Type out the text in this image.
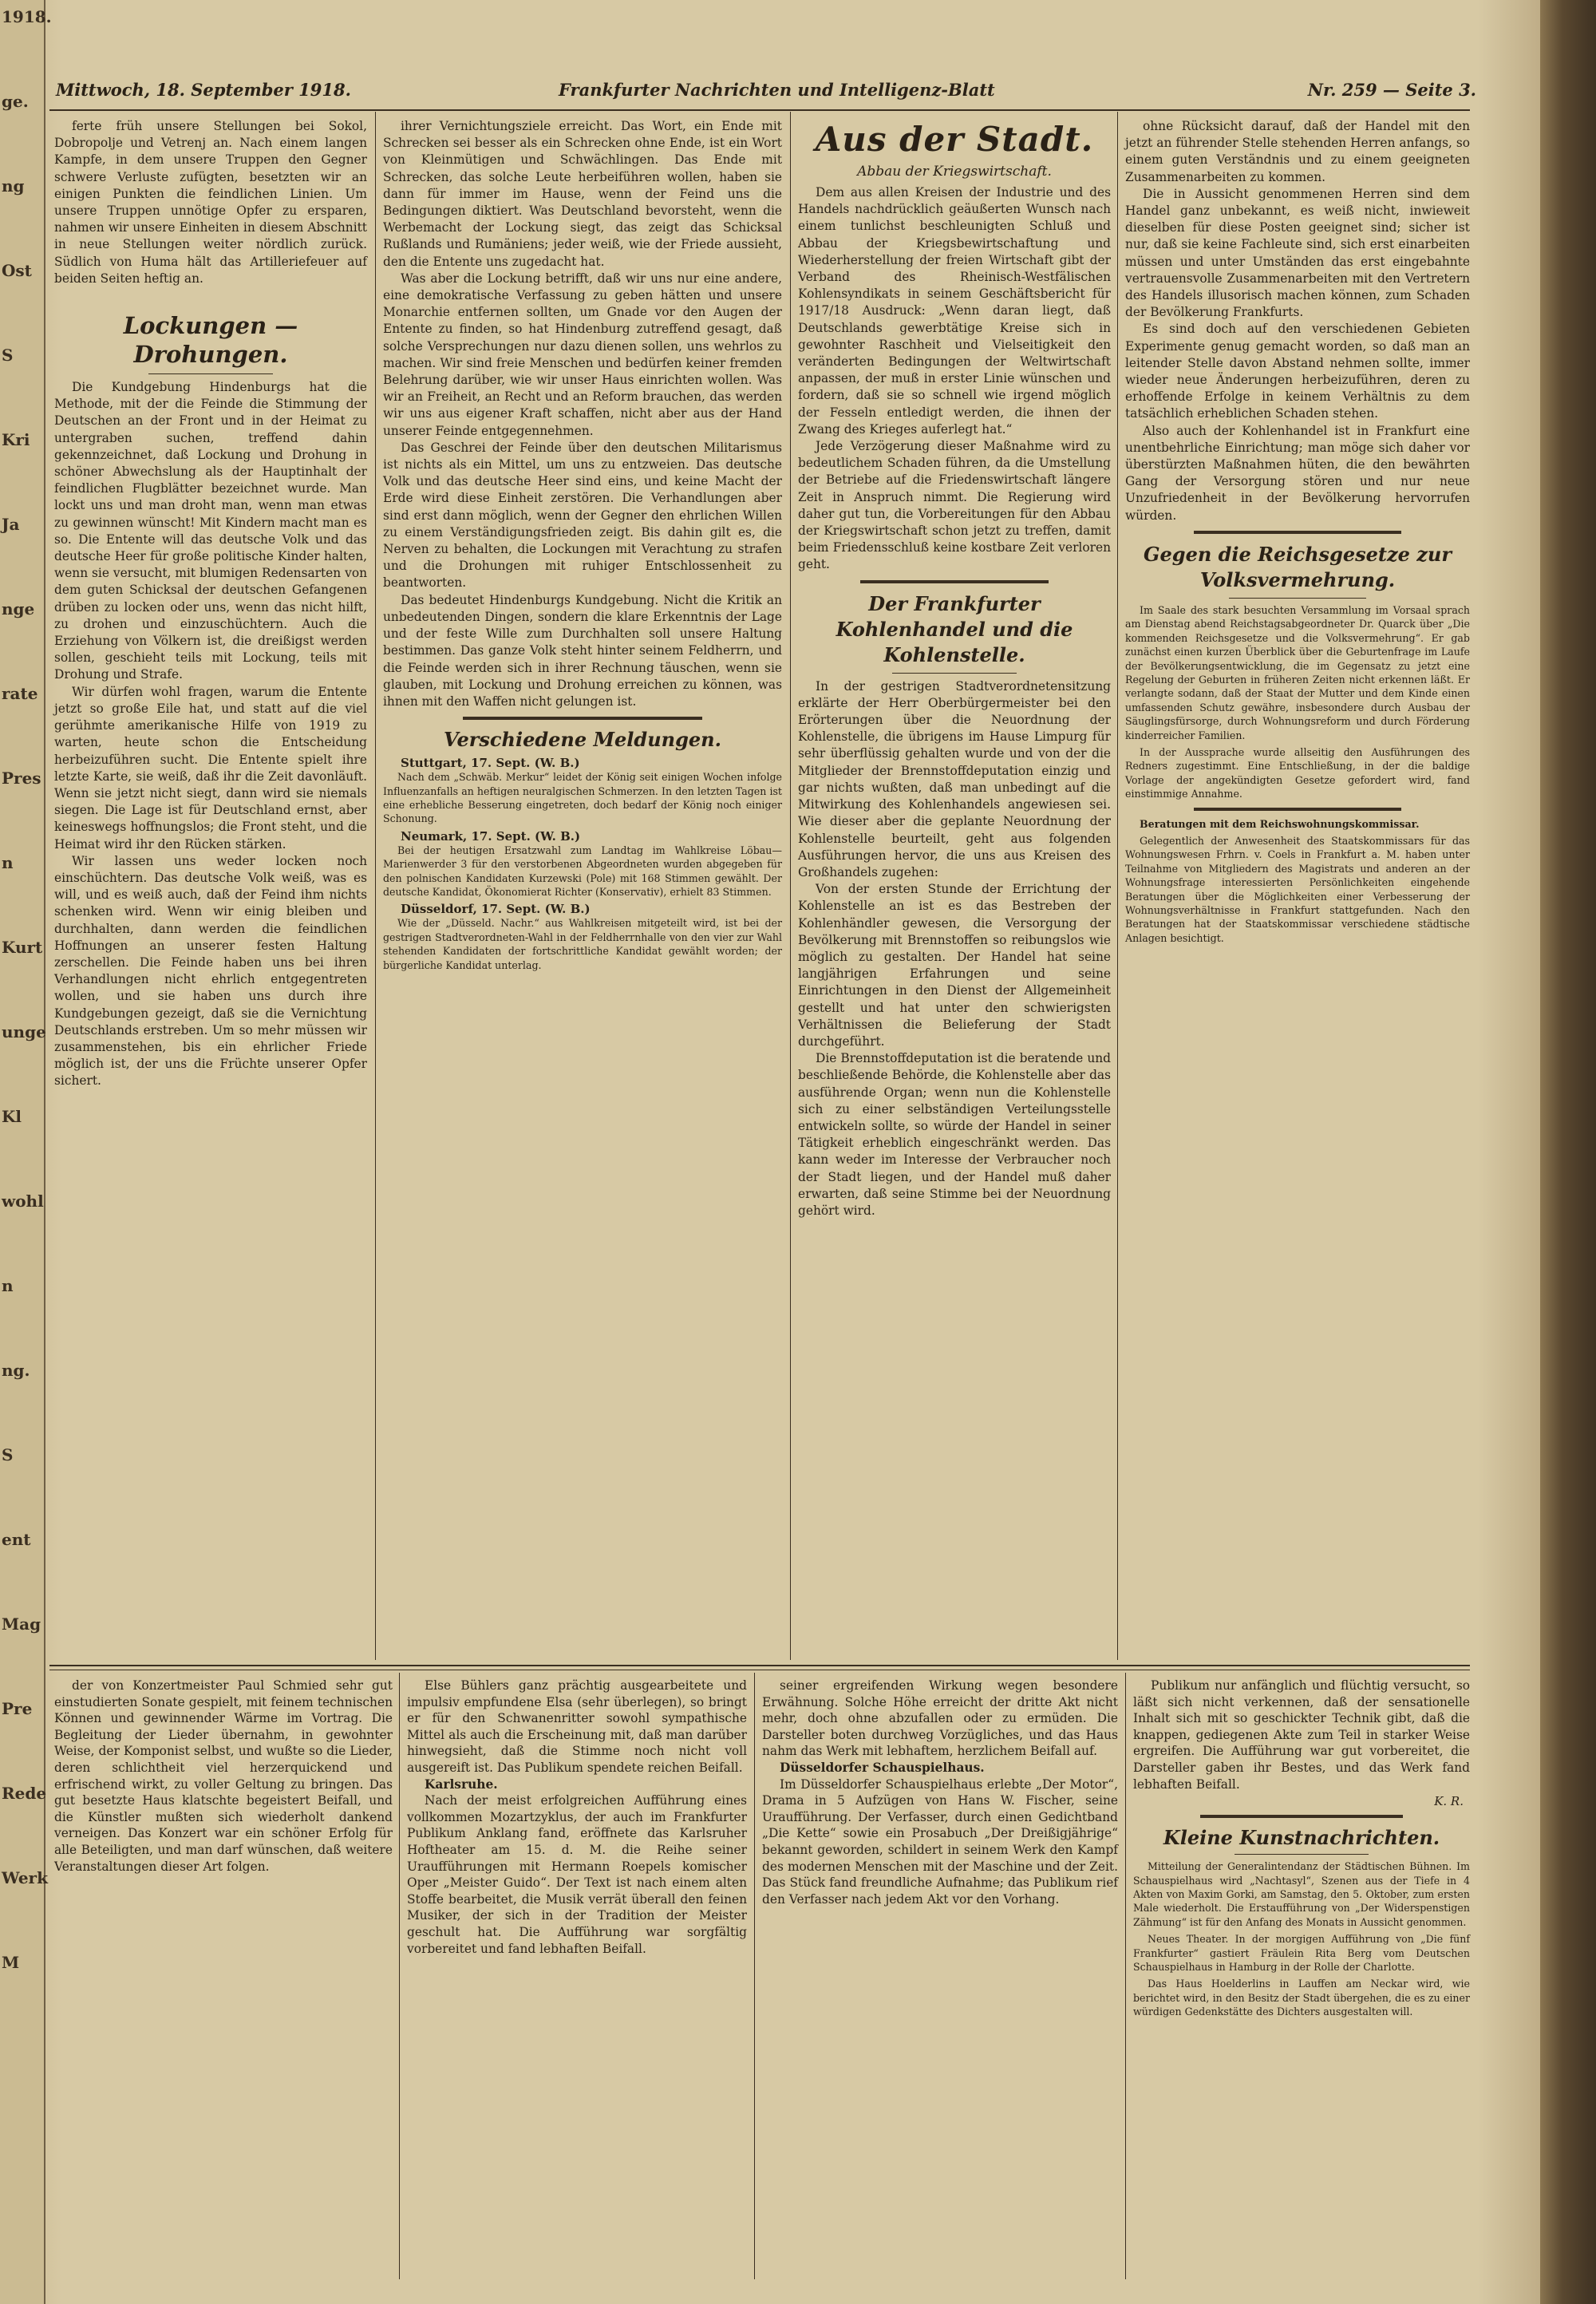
1918.
ge.
ng
Ost
S
Kri
Ja
nge
rate
Pres
n
Kurt
unge
Kl
wohl
n
ng.
S
ent
Mag
Pre
Rede
Werk
M
Mittwoch, 18. September 1918.	Frankfurter Nachrichten und Intelligenz-Blatt	Nr. 259 — Seite 3.

ferte früh unsere Stellungen bei Sokol, Dobropolje und Vetrenj an. Nach einem langen Kampfe, in dem unsere Truppen den Gegner schwere Verluste zufügten, besetzten wir an einigen Punkten die feindlichen Linien. Um unsere Truppen unnötige Opfer zu ersparen, nahmen wir unsere Einheiten in diesem Abschnitt in neue Stellungen weiter nördlich zurück. Südlich von Huma hält das Artilleriefeuer auf beiden Seiten heftig an.

Lockungen — Drohungen.

Die Kundgebung Hindenburgs hat die Methode, mit der die Feinde die Stimmung der Deutschen an der Front und in der Heimat zu untergraben suchen, treffend dahin gekennzeichnet, daß Lockung und Drohung in schöner Abwechslung als der Hauptinhalt der feindlichen Flugblätter bezeichnet wurde. Man lockt uns und man droht man, wenn man etwas zu gewinnen wünscht! Mit Kindern macht man es so. Die Entente will das deutsche Volk und das deutsche Heer für große politische Kinder halten, wenn sie versucht, mit blumigen Redensarten von dem guten Schicksal der deutschen Gefangenen drüben zu locken oder uns, wenn das nicht hilft, zu drohen und einzuschüchtern. Auch die Erziehung von Völkern ist, die dreißigst werden sollen, geschieht teils mit Lockung, teils mit Drohung und Strafe.

Wir dürfen wohl fragen, warum die Entente jetzt so große Eile hat, und statt auf die viel gerühmte amerikanische Hilfe von 1919 zu warten, heute schon die Entscheidung herbeizuführen sucht. Die Entente spielt ihre letzte Karte, sie weiß, daß ihr die Zeit davonläuft. Wenn sie jetzt nicht siegt, dann wird sie niemals siegen. Die Lage ist für Deutschland ernst, aber keineswegs hoffnungslos; die Front steht, und die Heimat wird ihr den Rücken stärken.

Wir lassen uns weder locken noch einschüchtern. Das deutsche Volk weiß, was es will, und es weiß auch, daß der Feind ihm nichts schenken wird. Wenn wir einig bleiben und durchhalten, dann werden die feindlichen Hoffnungen an unserer festen Haltung zerschellen. Die Feinde haben uns bei ihren Verhandlungen nicht ehrlich entgegentreten wollen, und sie haben uns durch ihre Kundgebungen gezeigt, daß sie die Vernichtung Deutschlands erstreben. Um so mehr müssen wir zusammenstehen, bis ein ehrlicher Friede möglich ist, der uns die Früchte unserer Opfer sichert.

ihrer Vernichtungsziele erreicht. Das Wort, ein Ende mit Schrecken sei besser als ein Schrecken ohne Ende, ist ein Wort von Kleinmütigen und Schwächlingen. Das Ende mit Schrecken, das solche Leute herbeiführen wollen, haben sie dann für immer im Hause, wenn der Feind uns die Bedingungen diktiert. Was Deutschland bevorsteht, wenn die Werbemacht der Lockung siegt, das zeigt das Schicksal Rußlands und Rumäniens; jeder weiß, wie der Friede aussieht, den die Entente uns zugedacht hat.

Was aber die Lockung betrifft, daß wir uns nur eine andere, eine demokratische Verfassung zu geben hätten und unsere Monarchie entfernen sollten, um Gnade vor den Augen der Entente zu finden, so hat Hindenburg zutreffend gesagt, daß solche Versprechungen nur dazu dienen sollen, uns wehrlos zu machen. Wir sind freie Menschen und bedürfen keiner fremden Belehrung darüber, wie wir unser Haus einrichten wollen. Was wir an Freiheit, an Recht und an Reform brauchen, das werden wir uns aus eigener Kraft schaffen, nicht aber aus der Hand unserer Feinde entgegennehmen.

Das Geschrei der Feinde über den deutschen Militarismus ist nichts als ein Mittel, um uns zu entzweien. Das deutsche Volk und das deutsche Heer sind eins, und keine Macht der Erde wird diese Einheit zerstören. Die Verhandlungen aber sind erst dann möglich, wenn der Gegner den ehrlichen Willen zu einem Verständigungsfrieden zeigt. Bis dahin gilt es, die Nerven zu behalten, die Lockungen mit Verachtung zu strafen und die Drohungen mit ruhiger Entschlossenheit zu beantworten.

Das bedeutet Hindenburgs Kundgebung. Nicht die Kritik an unbedeutenden Dingen, sondern die klare Erkenntnis der Lage und der feste Wille zum Durchhalten soll unsere Haltung bestimmen. Das ganze Volk steht hinter seinem Feldherrn, und die Feinde werden sich in ihrer Rechnung täuschen, wenn sie glauben, mit Lockung und Drohung erreichen zu können, was ihnen mit den Waffen nicht gelungen ist.

Verschiedene Meldungen.
Stuttgart, 17. Sept. (W. B.)

Nach dem „Schwäb. Merkur“ leidet der König seit einigen Wochen infolge Influenzanfalls an heftigen neuralgischen Schmerzen. In den letzten Tagen ist eine erhebliche Besserung eingetreten, doch bedarf der König noch einiger Schonung.

Neumark, 17. Sept. (W. B.)

Bei der heutigen Ersatzwahl zum Landtag im Wahlkreise Löbau—Marienwerder 3 für den verstorbenen Abgeordneten wurden abgegeben für den polnischen Kandidaten Kurzewski (Pole) mit 168 Stimmen gewählt. Der deutsche Kandidat, Ökonomierat Richter (Konservativ), erhielt 83 Stimmen.

Düsseldorf, 17. Sept. (W. B.)

Wie der „Düsseld. Nachr.“ aus Wahlkreisen mitgeteilt wird, ist bei der gestrigen Stadtverordneten-Wahl in der Feldherrnhalle von den vier zur Wahl stehenden Kandidaten der fortschrittliche Kandidat gewählt worden; der bürgerliche Kandidat unterlag.

Aus der Stadt.
Abbau der Kriegswirtschaft.

Dem aus allen Kreisen der Industrie und des Handels nachdrücklich geäußerten Wunsch nach einem tunlichst beschleunigten Schluß und Abbau der Kriegsbewirtschaftung und Wiederherstellung der freien Wirtschaft gibt der Verband des Rheinisch-Westfälischen Kohlensyndikats in seinem Geschäftsbericht für 1917/18 Ausdruck: „Wenn daran liegt, daß Deutschlands gewerbtätige Kreise sich in gewohnter Raschheit und Vielseitigkeit den veränderten Bedingungen der Weltwirtschaft anpassen, der muß in erster Linie wünschen und fordern, daß sie so schnell wie irgend möglich der Fesseln entledigt werden, die ihnen der Zwang des Krieges auferlegt hat.“

Jede Verzögerung dieser Maßnahme wird zu bedeutlichem Schaden führen, da die Umstellung der Betriebe auf die Friedenswirtschaft längere Zeit in Anspruch nimmt. Die Regierung wird daher gut tun, die Vorbereitungen für den Abbau der Kriegswirtschaft schon jetzt zu treffen, damit beim Friedensschluß keine kostbare Zeit verloren geht.

Der Frankfurter Kohlenhandel und die Kohlenstelle.

In der gestrigen Stadtverordnetensitzung erklärte der Herr Oberbürgermeister bei den Erörterungen über die Neuordnung der Kohlenstelle, die übrigens im Hause Limpurg für sehr überflüssig gehalten wurde und von der die Mitglieder der Brennstoffdeputation einzig und gar nichts wußten, daß man unbedingt auf die Mitwirkung des Kohlenhandels angewiesen sei. Wie dieser aber die geplante Neuordnung der Kohlenstelle beurteilt, geht aus folgenden Ausführungen hervor, die uns aus Kreisen des Großhandels zugehen:

Von der ersten Stunde der Errichtung der Kohlenstelle an ist es das Bestreben der Kohlenhändler gewesen, die Versorgung der Bevölkerung mit Brennstoffen so reibungslos wie möglich zu gestalten. Der Handel hat seine langjährigen Erfahrungen und seine Einrichtungen in den Dienst der Allgemeinheit gestellt und hat unter den schwierigsten Verhältnissen die Belieferung der Stadt durchgeführt.

Die Brennstoffdeputation ist die beratende und beschließende Behörde, die Kohlenstelle aber das ausführende Organ; wenn nun die Kohlenstelle sich zu einer selbständigen Verteilungsstelle entwickeln sollte, so würde der Handel in seiner Tätigkeit erheblich eingeschränkt werden. Das kann weder im Interesse der Verbraucher noch der Stadt liegen, und der Handel muß daher erwarten, daß seine Stimme bei der Neuordnung gehört wird.

ohne Rücksicht darauf, daß der Handel mit den jetzt an führender Stelle stehenden Herren anfangs, so einem guten Verständnis und zu einem geeigneten Zusammenarbeiten zu kommen.

Die in Aussicht genommenen Herren sind dem Handel ganz unbekannt, es weiß nicht, inwieweit dieselben für diese Posten geeignet sind; sicher ist nur, daß sie keine Fachleute sind, sich erst einarbeiten müssen und unter Umständen das erst eingebahnte vertrauensvolle Zusammenarbeiten mit den Vertretern des Handels illusorisch machen können, zum Schaden der Bevölkerung Frankfurts.

Es sind doch auf den verschiedenen Gebieten Experimente genug gemacht worden, so daß man an leitender Stelle davon Abstand nehmen sollte, immer wieder neue Änderungen herbeizuführen, deren zu erhoffende Erfolge in keinem Verhältnis zu dem tatsächlich erheblichen Schaden stehen.

Also auch der Kohlenhandel ist in Frankfurt eine unentbehrliche Einrichtung; man möge sich daher vor überstürzten Maßnahmen hüten, die den bewährten Gang der Versorgung stören und nur neue Unzufriedenheit in der Bevölkerung hervorrufen würden.

Gegen die Reichsgesetze zur Volksvermehrung.

Im Saale des stark besuchten Versammlung im Vorsaal sprach am Dienstag abend Reichstagsabgeordneter Dr. Quarck über „Die kommenden Reichsgesetze und die Volksvermehrung“. Er gab zunächst einen kurzen Überblick über die Geburtenfrage im Laufe der Bevölkerungsentwicklung, die im Gegensatz zu jetzt eine Regelung der Geburten in früheren Zeiten nicht erkennen läßt. Er verlangte sodann, daß der Staat der Mutter und dem Kinde einen umfassenden Schutz gewähre, insbesondere durch Ausbau der Säuglingsfürsorge, durch Wohnungsreform und durch Förderung kinderreicher Familien.

In der Aussprache wurde allseitig den Ausführungen des Redners zugestimmt. Eine Entschließung, in der die baldige Vorlage der angekündigten Gesetze gefordert wird, fand einstimmige Annahme.

Beratungen mit dem Reichswohnungskommissar.

Gelegentlich der Anwesenheit des Staatskommissars für das Wohnungswesen Frhrn. v. Coels in Frankfurt a. M. haben unter Teilnahme von Mitgliedern des Magistrats und anderen an der Wohnungsfrage interessierten Persönlichkeiten eingehende Beratungen über die Möglichkeiten einer Verbesserung der Wohnungsverhältnisse in Frankfurt stattgefunden. Nach den Beratungen hat der Staatskommissar verschiedene städtische Anlagen besichtigt.

der von Konzertmeister Paul Schmied sehr gut einstudierten Sonate gespielt, mit feinem technischen Können und gewinnender Wärme im Vortrag. Die Begleitung der Lieder übernahm, in gewohnter Weise, der Komponist selbst, und wußte so die Lieder, deren schlichtheit viel herzerquickend und erfrischend wirkt, zu voller Geltung zu bringen. Das gut besetzte Haus klatschte begeistert Beifall, und die Künstler mußten sich wiederholt dankend verneigen. Das Konzert war ein schöner Erfolg für alle Beteiligten, und man darf wünschen, daß weitere Veranstaltungen dieser Art folgen.

Else Bühlers ganz prächtig ausgearbeitete und impulsiv empfundene Elsa (sehr überlegen), so bringt er für den Schwanenritter sowohl sympathische Mittel als auch die Erscheinung mit, daß man darüber hinwegsieht, daß die Stimme noch nicht voll ausgereift ist. Das Publikum spendete reichen Beifall.

Karlsruhe.

Nach der meist erfolgreichen Aufführung eines vollkommen Mozartzyklus, der auch im Frankfurter Publikum Anklang fand, eröffnete das Karlsruher Hoftheater am 15. d. M. die Reihe seiner Uraufführungen mit Hermann Roepels komischer Oper „Meister Guido“. Der Text ist nach einem alten Stoffe bearbeitet, die Musik verrät überall den feinen Musiker, der sich in der Tradition der Meister geschult hat. Die Aufführung war sorgfältig vorbereitet und fand lebhaften Beifall.

seiner ergreifenden Wirkung wegen besondere Erwähnung. Solche Höhe erreicht der dritte Akt nicht mehr, doch ohne abzufallen oder zu ermüden. Die Darsteller boten durchweg Vorzügliches, und das Haus nahm das Werk mit lebhaftem, herzlichem Beifall auf.

Düsseldorfer Schauspielhaus.

Im Düsseldorfer Schauspielhaus erlebte „Der Motor“, Drama in 5 Aufzügen von Hans W. Fischer, seine Uraufführung. Der Verfasser, durch einen Gedichtband „Die Kette“ sowie ein Prosabuch „Der Dreißigjährige“ bekannt geworden, schildert in seinem Werk den Kampf des modernen Menschen mit der Maschine und der Zeit. Das Stück fand freundliche Aufnahme; das Publikum rief den Verfasser nach jedem Akt vor den Vorhang.

Publikum nur anfänglich und flüchtig versucht, so läßt sich nicht verkennen, daß der sensationelle Inhalt sich mit so geschickter Technik gibt, daß die knappen, gediegenen Akte zum Teil in starker Weise ergreifen. Die Aufführung war gut vorbereitet, die Darsteller gaben ihr Bestes, und das Werk fand lebhaften Beifall.

K. R.
Kleine Kunstnachrichten.

Mitteilung der Generalintendanz der Städtischen Bühnen. Im Schauspielhaus wird „Nachtasyl“, Szenen aus der Tiefe in 4 Akten von Maxim Gorki, am Samstag, den 5. Oktober, zum ersten Male wiederholt. Die Erstaufführung von „Der Widerspenstigen Zähmung“ ist für den Anfang des Monats in Aussicht genommen.

Neues Theater. In der morgigen Aufführung von „Die fünf Frankfurter“ gastiert Fräulein Rita Berg vom Deutschen Schauspielhaus in Hamburg in der Rolle der Charlotte.

Das Haus Hoelderlins in Lauffen am Neckar wird, wie berichtet wird, in den Besitz der Stadt übergehen, die es zu einer würdigen Gedenkstätte des Dichters ausgestalten will.
